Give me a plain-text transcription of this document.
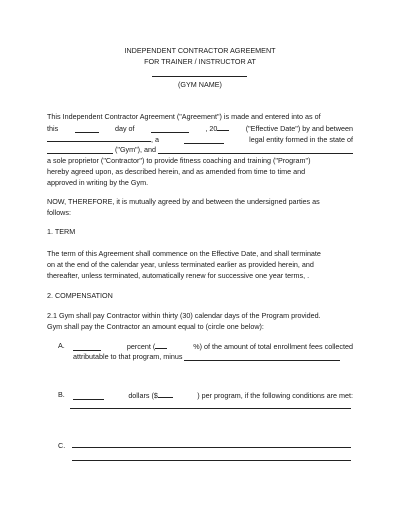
INDEPENDENT CONTRACTOR AGREEMENT
FOR TRAINER / INSTRUCTOR AT
(GYM NAME)
This Independent Contractor Agreement ("Agreement") is made and entered into as of
this	day of	, 20	("Effective Date") by and between
, a	legal entity formed in the state of
("Gym"), and
a sole proprietor ("Contractor") to provide fitness coaching and training ("Program")
hereby agreed upon, as described herein, and as amended from time to time and
approved in writing by the Gym.
NOW, THEREFORE, it is mutually agreed by and between the undersigned parties as
follows:
1. TERM
The term of this Agreement shall commence on the Effective Date, and shall terminate
on at the end of the calendar year, unless terminated earlier as provided herein, and
thereafter, unless terminated, automatically renew for successive one year terms, .
2. COMPENSATION
2.1 Gym shall pay Contractor within thirty (30) calendar days of the Program provided.
Gym shall pay the Contractor an amount equal to (circle one below):
A.	percent (	%) of the amount of total enrollment fees collected
attributable to that program, minus
B.	dollars ($	) per program, if the following conditions are met:
C.
